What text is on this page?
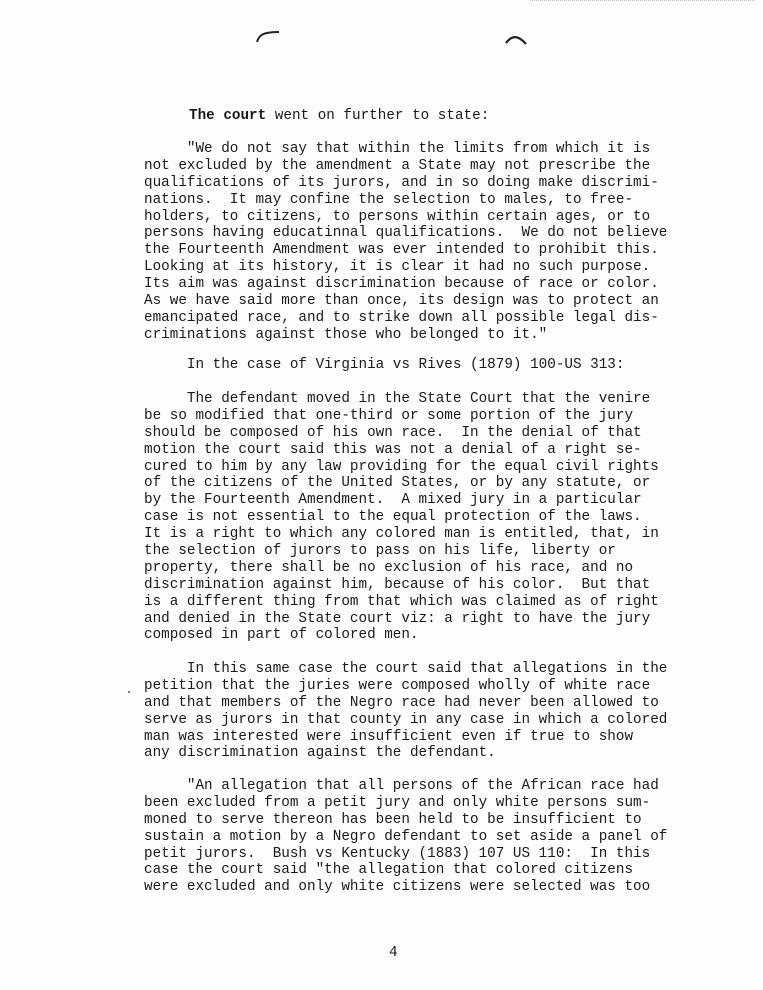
The court went on further to state:
"We do not say that within the limits from which it is
not excluded by the amendment a State may not prescribe the
qualifications of its jurors, and in so doing make discrimi-
nations.  It may confine the selection to males, to free-
holders, to citizens, to persons within certain ages, or to
persons having educatinnal qualifications.  We do not believe
the Fourteenth Amendment was ever intended to prohibit this.
Looking at its history, it is clear it had no such purpose.
Its aim was against discrimination because of race or color.
As we have said more than once, its design was to protect an
emancipated race, and to strike down all possible legal dis-
criminations against those who belonged to it."
In the case of Virginia vs Rives (1879) 100-US 313:
The defendant moved in the State Court that the venire
be so modified that one-third or some portion of the jury
should be composed of his own race.  In the denial of that
motion the court said this was not a denial of a right se-
cured to him by any law providing for the equal civil rights
of the citizens of the United States, or by any statute, or
by the Fourteenth Amendment.  A mixed jury in a particular
case is not essential to the equal protection of the laws.
It is a right to which any colored man is entitled, that, in
the selection of jurors to pass on his life, liberty or
property, there shall be no exclusion of his race, and no
discrimination against him, because of his color.  But that
is a different thing from that which was claimed as of right
and denied in the State court viz: a right to have the jury
composed in part of colored men.
In this same case the court said that allegations in the
petition that the juries were composed wholly of white race
and that members of the Negro race had never been allowed to
serve as jurors in that county in any case in which a colored
man was interested were insufficient even if true to show
any discrimination against the defendant.
"An allegation that all persons of the African race had
been excluded from a petit jury and only white persons sum-
moned to serve thereon has been held to be insufficient to
sustain a motion by a Negro defendant to set aside a panel of
petit jurors.  Bush vs Kentucky (1883) 107 US 110:  In this
case the court said "the allegation that colored citizens
were excluded and only white citizens were selected was too
4
